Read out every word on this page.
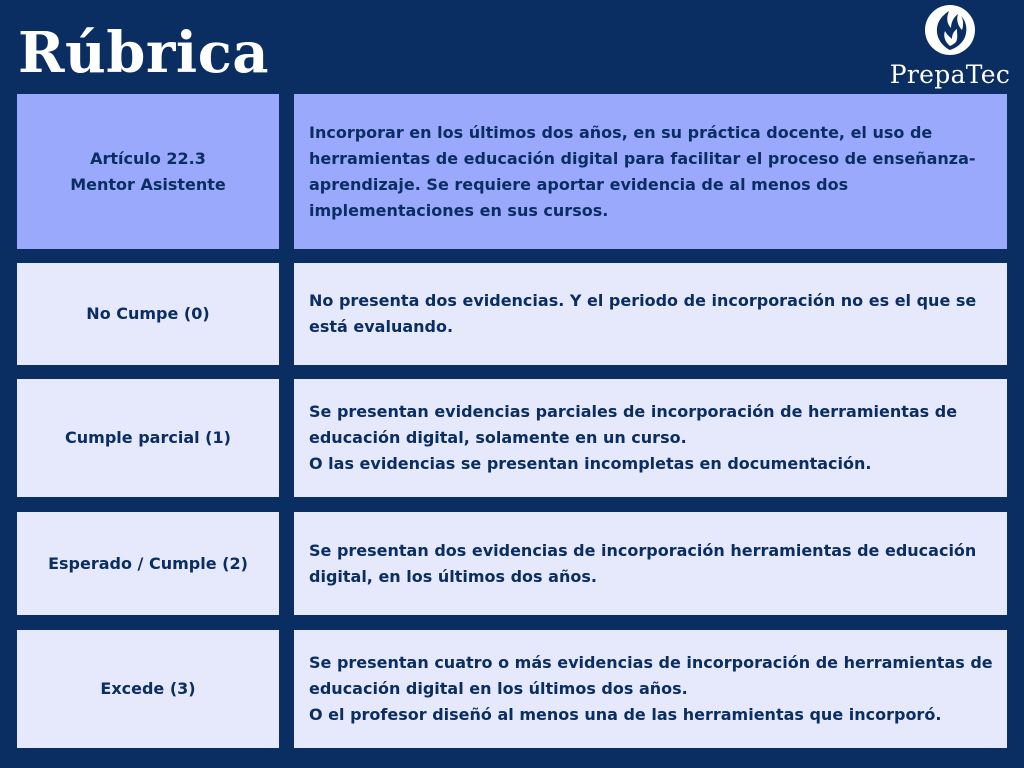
Rúbrica	PrepaTec
Artículo 22.3
Mentor Asistente
Incorporar en los últimos dos años, en su práctica docente, el uso de herramientas de educación digital para facilitar el proceso de enseñanza-aprendizaje. Se requiere aportar evidencia de al menos dos implementaciones en sus cursos.
No Cumpe (0)
No presenta dos evidencias. Y el periodo de incorporación no es el que se está evaluando.
Cumple parcial (1)
Se presentan evidencias parciales de incorporación de herramientas de educación digital, solamente en un curso.
O las evidencias se presentan incompletas en documentación.
Esperado / Cumple (2)
Se presentan dos evidencias de incorporación herramientas de educación digital, en los últimos dos años.
Excede (3)
Se presentan cuatro o más evidencias de incorporación de herramientas de educación digital en los últimos dos años.
O el profesor diseñó al menos una de las herramientas que incorporó.
